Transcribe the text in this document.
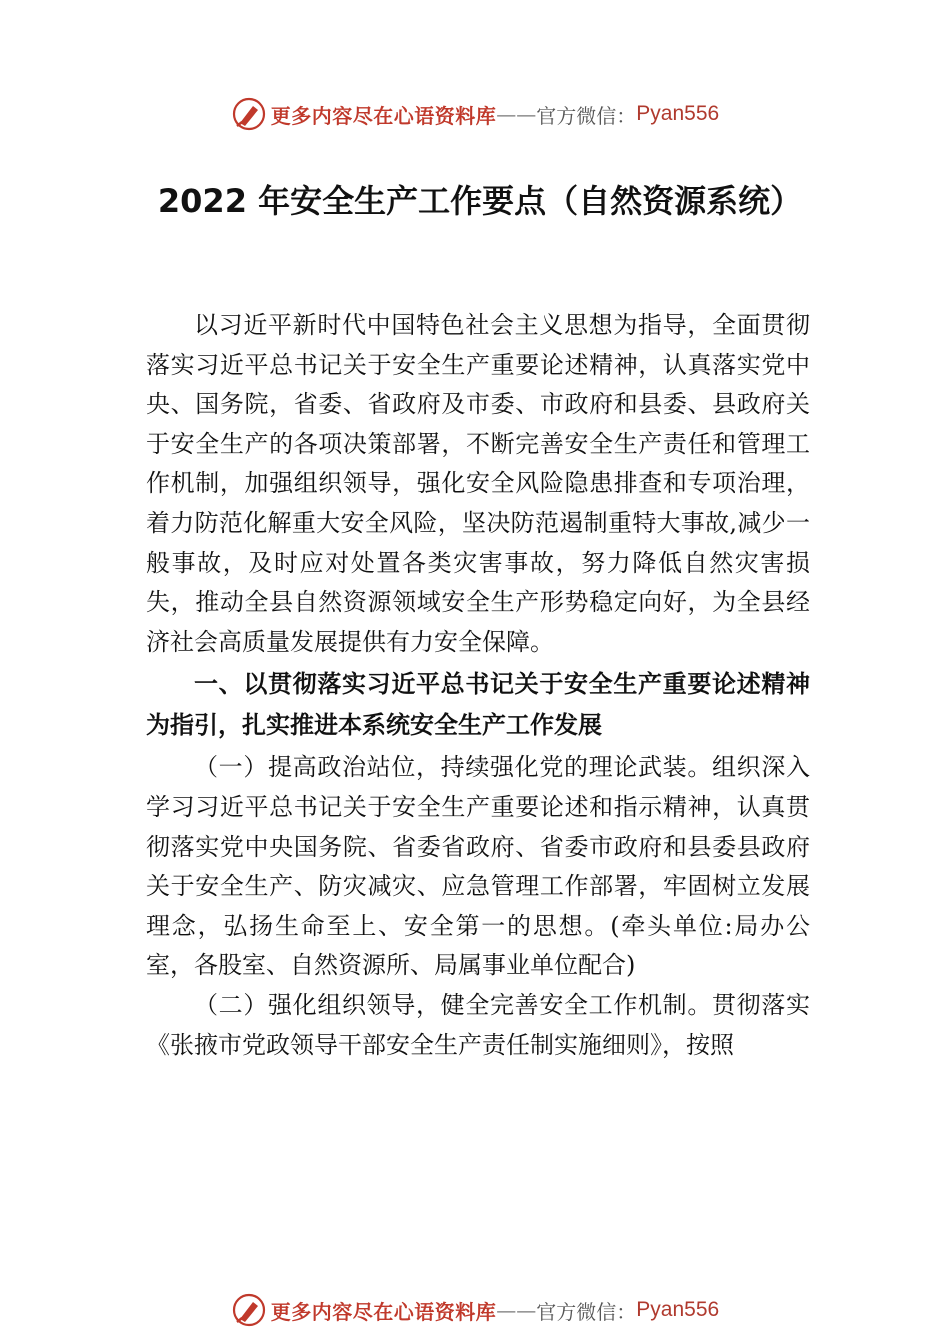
更多内容尽在心语资料库 —— 官方微信： Pyan556
2022 年安全生产工作要点（自然资源系统）

以习近平新时代中国特色社会主义思想为指导，全面贯彻落实习近平总书记关于安全生产重要论述精神，认真落实党中央、国务院，省委、省政府及市委、市政府和县委、县政府关于安全生产的各项决策部署，不断完善安全生产责任和管理工作机制，加强组织领导，强化安全风险隐患排查和专项治理，着力防范化解重大安全风险，坚决防范遏制重特大事故,减少一般事故，及时应对处置各类灾害事故，努力降低自然灾害损失，推动全县自然资源领域安全生产形势稳定向好，为全县经济社会高质量发展提供有力安全保障。

一、以贯彻落实习近平总书记关于安全生产重要论述精神为指引，扎实推进本系统安全生产工作发展

（一）提高政治站位，持续强化党的理论武装。组织深入学习习近平总书记关于安全生产重要论述和指示精神，认真贯彻落实党中央国务院、省委省政府、省委市政府和县委县政府关于安全生产、防灾减灾、应急管理工作部署，牢固树立发展理念，弘扬生命至上、安全第一的思想。(牵头单位:局办公室，各股室、自然资源所、局属事业单位配合)

（二）强化组织领导，健全完善安全工作机制。贯彻落实《张掖市党政领导干部安全生产责任制实施细则》，按照

更多内容尽在心语资料库 —— 官方微信： Pyan556
